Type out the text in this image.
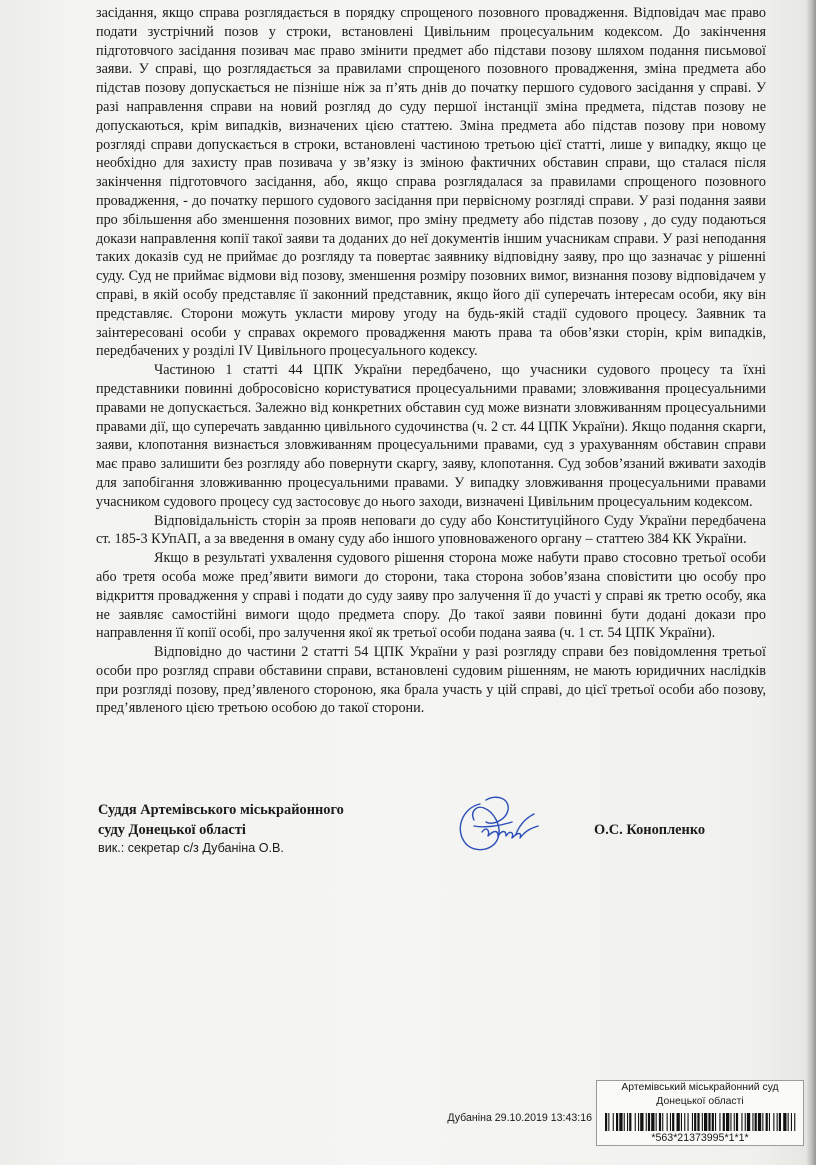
засідання, якщо справа розглядається в порядку спрощеного позовного провадження. Відповідач має право подати зустрічний позов у строки, встановлені Цивільним процесуальним кодексом. До закінчення підготовчого засідання позивач має право змінити предмет або підстави позову шляхом подання письмової заяви. У справі, що розглядається за правилами спрощеного позовного провадження, зміна предмета або підстав позову допускається не пізніше ніж за п’ять днів до початку першого судового засідання у справі. У разі направлення справи на новий розгляд до суду першої інстанції зміна предмета, підстав позову не допускаються, крім випадків, визначених цією статтею. Зміна предмета або підстав позову при новому розгляді справи допускається в строки, встановлені частиною третьою цієї статті, лише у випадку, якщо це необхідно для захисту прав позивача у зв’язку із зміною фактичних обставин справи, що сталася після закінчення підготовчого засідання, або, якщо справа розглядалася за правилами спрощеного позовного провадження, - до початку першого судового засідання при первісному розгляді справи. У разі подання заяви про збільшення або зменшення позовних вимог, про зміну предмету або підстав позову , до суду подаються докази направлення копії такої заяви та доданих до неї документів іншим учасникам справи. У разі неподання таких доказів суд не приймає до розгляду та повертає заявнику відповідну заяву, про що зазначає у рішенні суду. Суд не приймає відмови від позову, зменшення розміру позовних вимог, визнання позову відповідачем у справі, в якій особу представляє її законний представник, якщо його дії суперечать інтересам особи, яку він представляє. Сторони можуть укласти мирову угоду на будь-якій стадії судового процесу. Заявник та заінтересовані особи у справах окремого провадження мають права та обов’язки сторін, крім випадків, передбачених у розділі IV Цивільного процесуального кодексу.

Частиною 1 статті 44 ЦПК України передбачено, що учасники судового процесу та їхні представники повинні добросовісно користуватися процесуальними правами; зловживання процесуальними правами не допускається. Залежно від конкретних обставин суд може визнати зловживанням процесуальними правами дії, що суперечать завданню цивільного судочинства (ч. 2 ст. 44 ЦПК України). Якщо подання скарги, заяви, клопотання визнається зловживанням процесуальними правами, суд з урахуванням обставин справи має право залишити без розгляду або повернути скаргу, заяву, клопотання. Суд зобов’язаний вживати заходів для запобігання зловживанню процесуальними правами. У випадку зловживання процесуальними правами учасником судового процесу суд застосовує до нього заходи, визначені Цивільним процесуальним кодексом.

Відповідальність сторін за прояв неповаги до суду або Конституційного Суду України передбачена ст. 185-3 КУпАП, а за введення в оману суду або іншого уповноваженого органу – статтею 384 КК України.

Якщо в результаті ухвалення судового рішення сторона може набути право стосовно третьої особи або третя особа може пред’явити вимоги до сторони, така сторона зобов’язана сповістити цю особу про відкриття провадження у справі і подати до суду заяву про залучення її до участі у справі як третю особу, яка не заявляє самостійні вимоги щодо предмета спору. До такої заяви повинні бути додані докази про направлення її копії особі, про залучення якої як третьої особи подана заява (ч. 1 ст. 54 ЦПК України).

Відповідно до частини 2 статті 54 ЦПК України у разі розгляду справи без повідомлення третьої особи про розгляд справи обставини справи, встановлені судовим рішенням, не мають юридичних наслідків при розгляді позову, пред’явленого стороною, яка брала участь у цій справі, до цієї третьої особи або позову, пред’явленого цією третьою особою до такої сторони.

Суддя Артемівського міськрайонного
суду Донецької області
вик.: секретар с/з Дубаніна О.В.
О.С. Конопленко
Артемівський міськрайонний суд
Донецької області
Дубаніна 29.10.2019 13:43:16
*563*21373995*1*1*
